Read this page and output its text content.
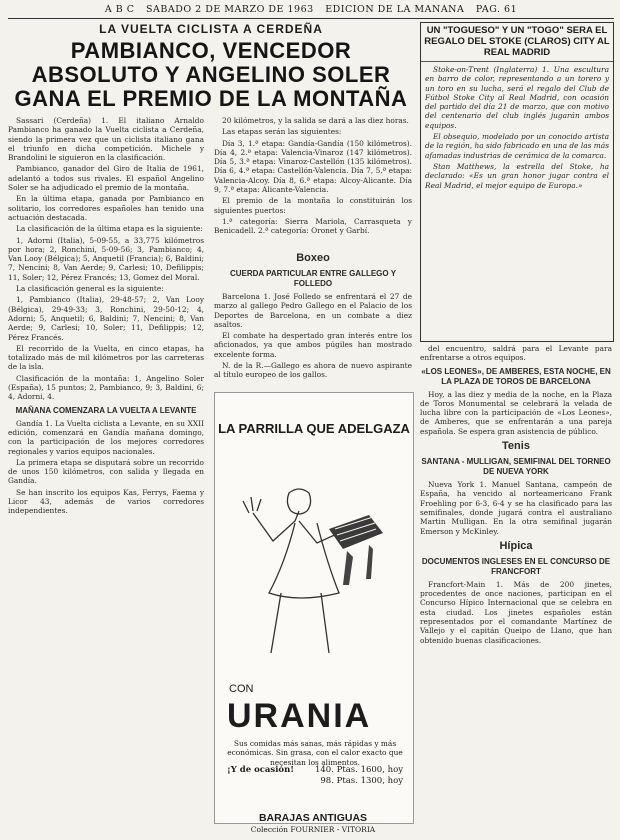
A B C SABADO 2 DE MARZO DE 1963 EDICION DE LA MAÑANA PAG. 61
LA VUELTA CICLISTA A CERDEÑA
PAMBIANCO, VENCEDOR ABSOLUTO Y ANGELINO SOLER GANA EL PREMIO DE LA MONTAÑA

Sassari (Cerdeña) 1. El italiano Arnaldo Pambianco ha ganado la Vuelta ciclista a Cerdeña, siendo la primera vez que un ciclista italiano gana el triunfo en dicha competición. Michele y Brandolini le siguieron en la clasificación.

Pambianco, ganador del Giro de Italia de 1961, adelantó a todos sus rivales. El español Angelino Soler se ha adjudicado el premio de la montaña.

En la última etapa, ganada por Pambianco en solitario, los corredores españoles han tenido una actuación destacada.

La clasificación de la última etapa es la siguiente:

1, Adorni (Italia), 5-09-55, a 33,775 kilómetros por hora; 2, Ronchini, 5-09-56; 3, Pambianco; 4, Van Looy (Bélgica); 5, Anquetil (Francia); 6, Baldini; 7, Nencini; 8, Van Aerde; 9, Carlesi; 10, Defilippis; 11, Soler; 12, Pérez Francés; 13, Gomez del Moral.

La clasificación general es la siguiente:

1, Pambianco (Italia), 29-48-57; 2, Van Looy (Bélgica), 29-49-33; 3, Ronchini, 29-50-12; 4, Adorni; 5, Anquetil; 6, Baldini; 7, Nencini; 8, Van Aerde; 9, Carlesi; 10, Soler; 11, Defilippis; 12, Pérez Francés.

El recorrido de la Vuelta, en cinco etapas, ha totalizado más de mil kilómetros por las carreteras de la isla.

Clasificación de la montaña: 1, Angelino Soler (España), 15 puntos; 2, Pambianco, 9; 3, Baldini, 6; 4, Adorni, 4.

MAÑANA COMENZARA LA VUELTA A LEVANTE

Gandía 1. La Vuelta ciclista a Levante, en su XXII edición, comenzará en Gandía mañana domingo, con la participación de los mejores corredores regionales y varios equipos nacionales.

La primera etapa se disputará sobre un recorrido de unos 150 kilómetros, con salida y llegada en Gandía.

Se han inscrito los equipos Kas, Ferrys, Faema y Licor 43, además de varios corredores independientes.

20 kilómetros, y la salida se dará a las diez horas.

Las etapas serán las siguientes:

Día 3, 1.ª etapa: Gandía-Gandía (150 kilómetros). Día 4, 2.ª etapa: Valencia-Vinaroz (147 kilómetros). Día 5, 3.ª etapa: Vinaroz-Castellón (135 kilómetros). Día 6, 4.ª etapa: Castellón-Valencia. Día 7, 5.ª etapa: Valencia-Alcoy. Día 8, 6.ª etapa: Alcoy-Alicante. Día 9, 7.ª etapa: Alicante-Valencia.

El premio de la montaña lo constituirán los siguientes puertos:

1.ª categoría: Sierra Mariola, Carrasqueta y Benicadell. 2.ª categoría: Oronet y Garbí.

Boxeo
CUERDA PARTICULAR ENTRE GALLEGO Y FOLLEDO

Barcelona 1. José Folledo se enfrentará el 27 de marzo al gallego Pedro Gallego en el Palacio de los Deportes de Barcelona, en un combate a diez asaltos.

El combate ha despertado gran interés entre los aficionados, ya que ambos púgiles han mostrado excelente forma.

N. de la R.—Gallego es ahora de nuevo aspirante al título europeo de los gallos.

LA PARRILLA QUE ADELGAZA
CON
URANIA
Sus comidas más sanas, más rápidas y más económicas. Sin grasa, con el calor exacto que necesitan los alimentos.
¡Y de ocasión! 140. Ptas. 1600, hoy
98. Ptas. 1300, hoy
BARAJAS ANTIGUAS
Colección FOURNIER - VITORIA
UN "TOGUESO" Y UN "TOGO" SERA EL REGALO DEL STOKE (CLAROS) CITY AL REAL MADRID

Stoke-on-Trent (Inglaterra) 1. Una escultura en barro de color, representando a un torero y un toro en su lucha, será el regalo del Club de Fútbol Stoke City al Real Madrid, con ocasión del partido del día 21 de marzo, que con motivo del centenario del club inglés jugarán ambos equipos.

El obsequio, modelado por un conocido artista de la región, ha sido fabricado en una de las más afamadas industrias de cerámica de la comarca.

Stan Matthews, la estrella del Stoke, ha declarado: «Es un gran honor jugar contra el Real Madrid, el mejor equipo de Europa.»

del encuentro, saldrá para el Levante para enfrentarse a otros equipos.

«LOS LEONES», DE AMBERES, ESTA NOCHE, EN LA PLAZA DE TOROS DE BARCELONA

Hoy, a las diez y media de la noche, en la Plaza de Toros Monumental se celebrará la velada de lucha libre con la participación de «Los Leones», de Amberes, que se enfrentarán a una pareja española. Se espera gran asistencia de público.

Tenis
SANTANA - MULLIGAN, SEMIFINAL DEL TORNEO DE NUEVA YORK

Nueva York 1. Manuel Santana, campeón de España, ha vencido al norteamericano Frank Froehling por 6-3, 6-4 y se ha clasificado para las semifinales, donde jugará contra el australiano Martin Mulligan. En la otra semifinal jugarán Emerson y McKinley.

Hípica
DOCUMENTOS INGLESES EN EL CONCURSO DE FRANCFORT

Francfort-Main 1. Más de 200 jinetes, procedentes de once naciones, participan en el Concurso Hípico Internacional que se celebra en esta ciudad. Los jinetes españoles están representados por el comandante Martínez de Vallejo y el capitán Queipo de Llano, que han obtenido buenas clasificaciones.
